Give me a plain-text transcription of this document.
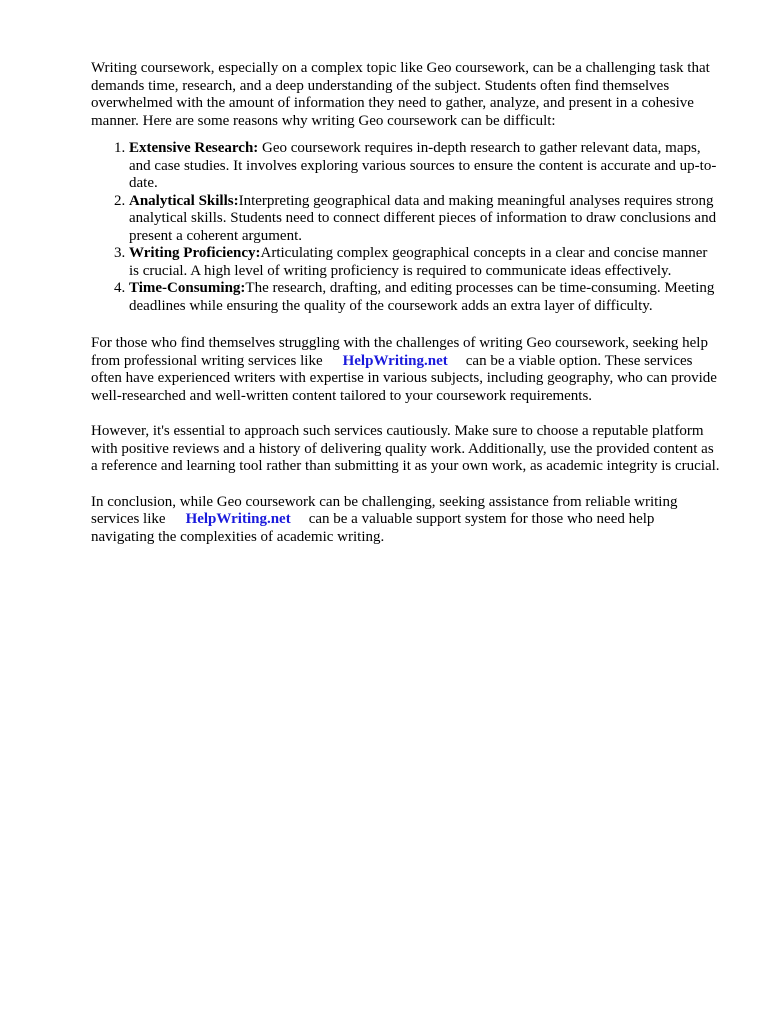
Writing coursework, especially on a complex topic like Geo coursework, can be a challenging task that demands time, research, and a deep understanding of the subject. Students often find themselves overwhelmed with the amount of information they need to gather, analyze, and present in a cohesive manner. Here are some reasons why writing Geo coursework can be difficult:

1. Extensive Research: Geo coursework requires in-depth research to gather relevant data, maps, and case studies. It involves exploring various sources to ensure the content is accurate and up-to-date.
2. Analytical Skills:Interpreting geographical data and making meaningful analyses requires strong analytical skills. Students need to connect different pieces of information to draw conclusions and present a coherent argument.
3. Writing Proficiency:Articulating complex geographical concepts in a clear and concise manner is crucial. A high level of writing proficiency is required to communicate ideas effectively.
4. Time-Consuming:The research, drafting, and editing processes can be time-consuming. Meeting deadlines while ensuring the quality of the coursework adds an extra layer of difficulty.

For those who find themselves struggling with the challenges of writing Geo coursework, seeking help from professional writing services like HelpWriting.net can be a viable option. These services often have experienced writers with expertise in various subjects, including geography, who can provide well-researched and well-written content tailored to your coursework requirements.

However, it's essential to approach such services cautiously. Make sure to choose a reputable platform with positive reviews and a history of delivering quality work. Additionally, use the provided content as a reference and learning tool rather than submitting it as your own work, as academic integrity is crucial.

In conclusion, while Geo coursework can be challenging, seeking assistance from reliable writing services like HelpWriting.net can be a valuable support system for those who need help navigating the complexities of academic writing.
